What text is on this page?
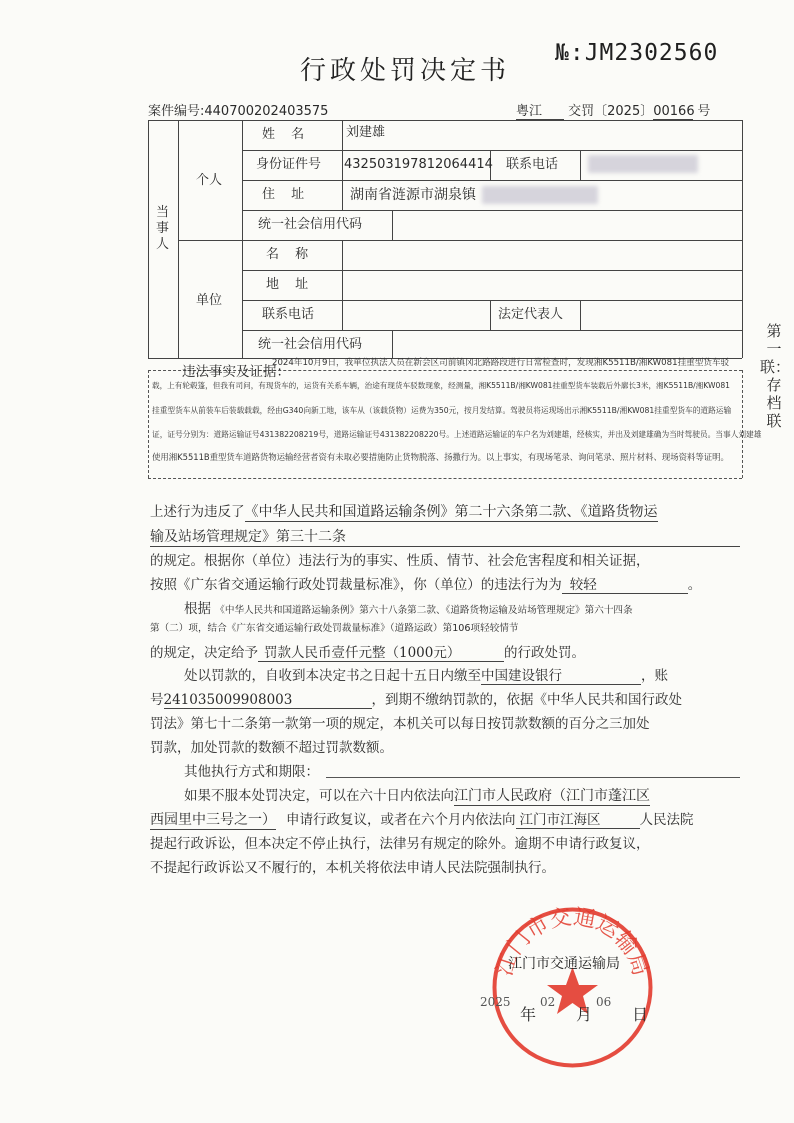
行政处罚决定书
№:JM2302560
案件编号:440700202403575	粤江 交罚〔2025〕00166 号
当事人
个人
单位
姓 名	刘建雄
身份证件号 432503197812064414 联系电话
住 址	湖南省涟源市湖泉镇
统一社会信用代码
名 称
地 址
联系电话	法定代表人
统一社会信用代码
第一联：存档联
违法事实及证据：
2024年10月9日，我单位执法人员在新会区司前镇冈北路路段进行日常检查时，发现湘K5511B/湘KW081挂重型货车驳
载，上有轮毂篷，但我有司问，有现货车的，运货有关系车辆，治途有现货车驳数现象，经测量，湘K5511B/湘KW081挂重型货车装载后外廓长3米，湘K5511B/湘KW081
挂重型货车从前装车后装载载载，经由G340向新工地，该车从（该载货物）运费为350元，按月发结算。驾驶员将运现场出示湘K5511B/湘KW081挂重型货车的道路运输
证，证号分别为：道路运输证号431382208219号，道路运输证号431382208220号。上述道路运输证的车户名为刘建雄，经核实，并出及刘建雄确为当时驾驶员。当事人刘建雄
使用湘K5511B重型货车道路货物运输经营者资有未取必要措施防止货物脱落、扬撒行为。以上事实，有现场笔录、询问笔录、照片材料、现场资料等证明。
上述行为违反了《中华人民共和国道路运输条例》第二十六条第二款、《道路货物运
输及站场管理规定》第三十二条
的规定。根据你（单位）违法行为的事实、性质、情节、社会危害程度和相关证据，
按照《广东省交通运输行政处罚裁量标准》，你（单位）的违法行为为 较轻	。
根据 《中华人民共和国道路运输条例》第六十八条第二款、《道路货物运输及站场管理规定》第六十四条
第（二）项，结合《广东省交通运输行政处罚裁量标准》（道路运政）第106项轻较情节
的规定，决定给予 罚款人民币壹仟元整（1000元）	的行政处罚。
处以罚款的，自收到本决定书之日起十五日内缴至中国建设银行	，账
号241035009908003	，到期不缴纳罚款的，依据《中华人民共和国行政处
罚法》第七十二条第一款第一项的规定，本机关可以每日按罚款数额的百分之三加处
罚款，加处罚款的数额不超过罚款数额。
其他执行方式和期限：
如果不服本处罚决定，可以在六十日内依法向江门市人民政府（江门市蓬江区
西园里中三号之一） 申请行政复议，或者在六个月内依法向 江门市江海区	人民法院
提起行政诉讼，但本决定不停止执行，法律另有规定的除外。逾期不申请行政复议，
不提起行政诉讼又不履行的，本机关将依法申请人民法院强制执行。
江门市交通运输局
江门市交通运输局
2025
年
02
月
06
日
